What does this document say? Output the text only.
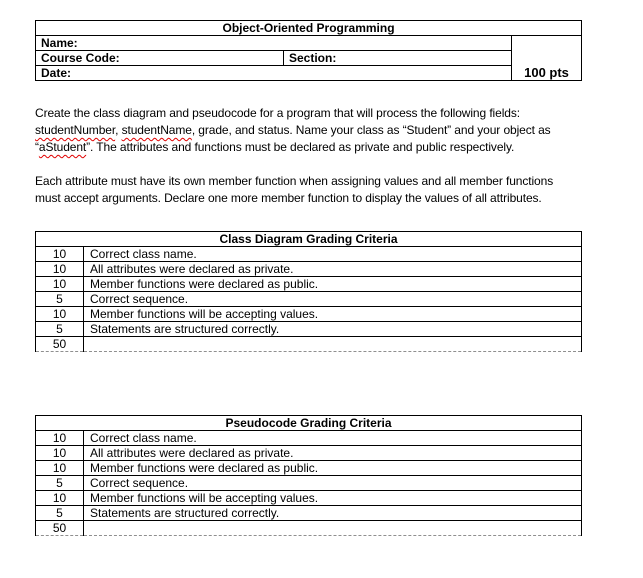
Object-Oriented Programming		
Name:		100 pts
Course Code:	Section:	
Date:		
Create the class diagram and pseudocode for a program that will process the following fields:
studentNumber, studentName, grade, and status. Name your class as “Student” and your object as
“aStudent”. The attributes and functions must be declared as private and public respectively.
Each attribute must have its own member function when assigning values and all member functions
must accept arguments. Declare one more member function to display the values of all attributes.
Class Diagram Grading Criteria	
10	Correct class name.
10	All attributes were declared as private.
10	Member functions were declared as public.
5	Correct sequence.
10	Member functions will be accepting values.
5	Statements are structured correctly.
50	
Pseudocode Grading Criteria	
10	Correct class name.
10	All attributes were declared as private.
10	Member functions were declared as public.
5	Correct sequence.
10	Member functions will be accepting values.
5	Statements are structured correctly.
50	
